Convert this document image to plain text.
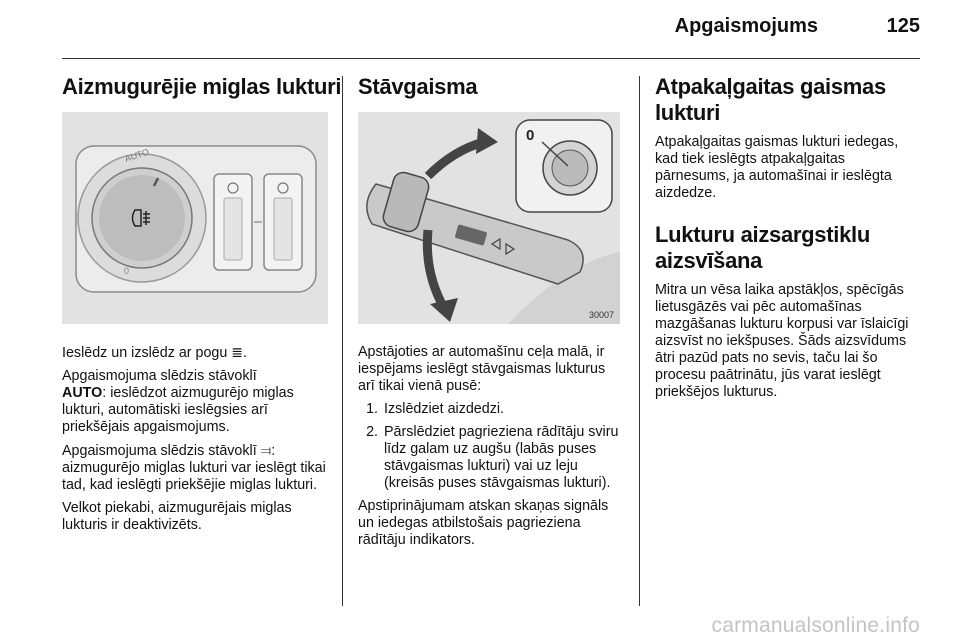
Apgaismojums	125
Aizmugurējie miglas lukturi
AUTO
0

Ieslēdz un izslēdz ar pogu ≣.

Apgaismojuma slēdzis stāvoklī
AUTO: ieslēdzot aizmugurējo miglas lukturi, automātiski ieslēgsies arī priekšējais apgaismojums.

Apgaismojuma slēdzis stāvoklī ⫤: aizmugurējo miglas lukturi var ieslēgt tikai tad, kad ieslēgti priekšējie miglas lukturi.

Velkot piekabi, aizmugurējais miglas lukturis ir deaktivizēts.

Stāvgaisma
0
30007

Apstājoties ar automašīnu ceļa malā, ir iespējams ieslēgt stāvgaismas lukturus arī tikai vienā pusē:

1. Izslēdziet aizdedzi.
2. Pārslēdziet pagrieziena rādītāju sviru līdz galam uz augšu (labās puses stāvgaismas lukturi) vai uz leju (kreisās puses stāvgaismas lukturi).

Apstiprinājumam atskan skaņas signāls un iedegas atbilstošais pagrieziena rādītāju indikators.

Atpakaļgaitas gaismas lukturi

Atpakaļgaitas gaismas lukturi iedegas, kad tiek ieslēgts atpakaļgaitas pārnesums, ja automašīnai ir ieslēgta aizdedze.

Lukturu aizsargstiklu aizsvīšana

Mitra un vēsa laika apstākļos, spēcīgās lietusgāzēs vai pēc automašīnas mazgāšanas lukturu korpusi var īslaicīgi aizsvīst no iekšpuses. Šāds aizsvīdums ātri pazūd pats no sevis, taču lai šo procesu paātrinātu, jūs varat ieslēgt priekšējos lukturus.

carmanualsonline.info
